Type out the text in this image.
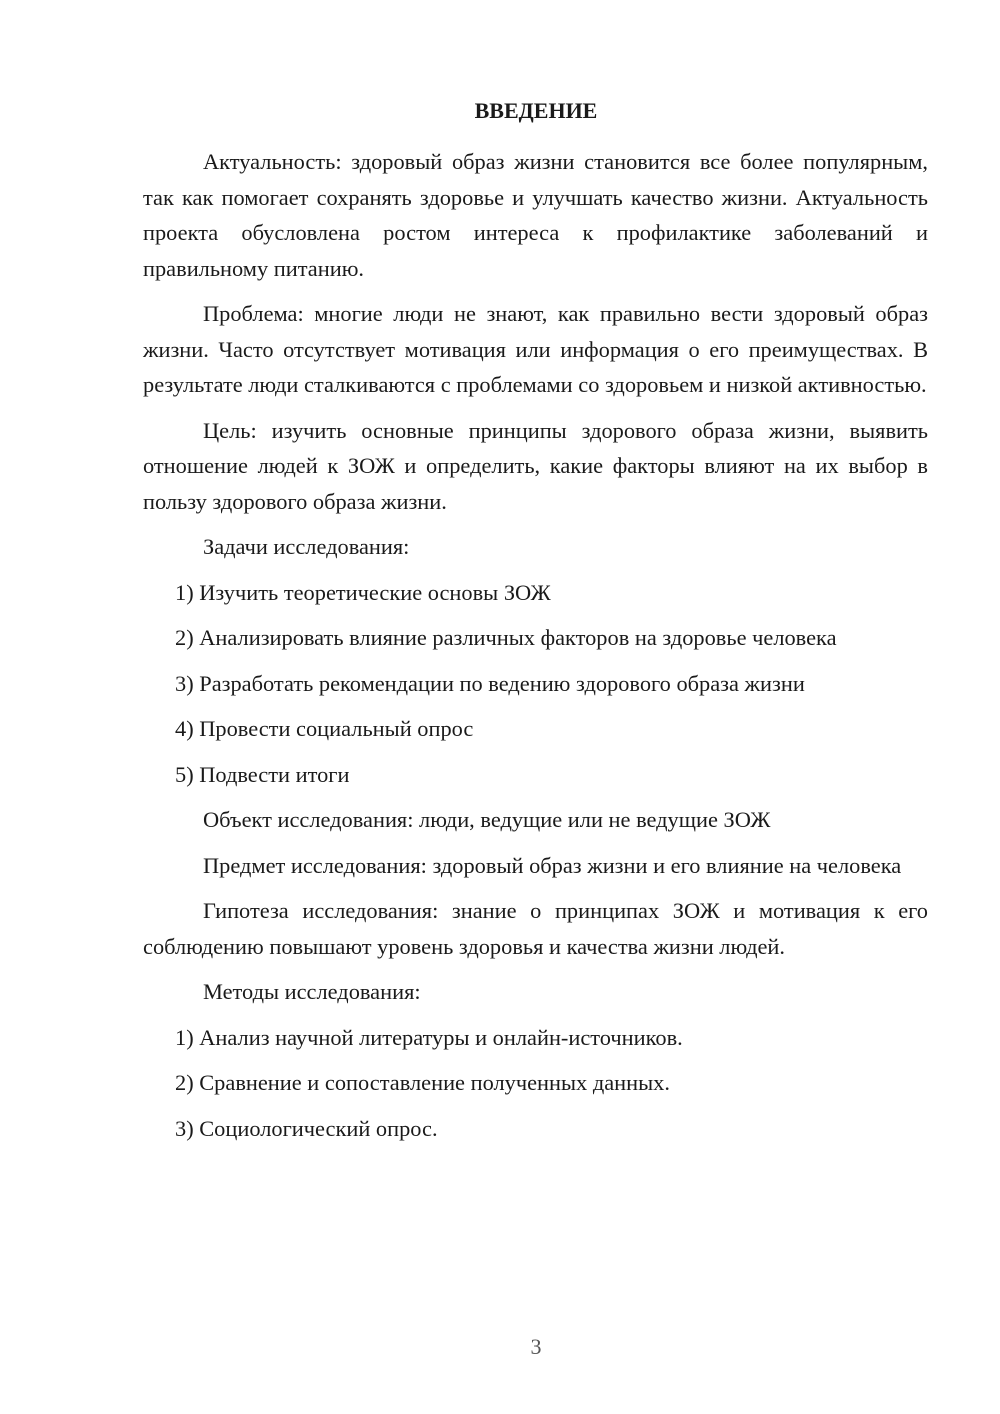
ВВЕДЕНИЕ

Актуальность: здоровый образ жизни становится все более популярным, так как помогает сохранять здоровье и улучшать качество жизни. Актуальность проекта обусловлена ростом интереса к профилактике заболеваний и правильному питанию.

Проблема: многие люди не знают, как правильно вести здоровый образ жизни. Часто отсутствует мотивация или информация о его преимуществах. В результате люди сталкиваются с проблемами со здоровьем и низкой активностью.

Цель: изучить основные принципы здорового образа жизни, выявить отношение людей к ЗОЖ и определить, какие факторы влияют на их выбор в пользу здорового образа жизни.

Задачи исследования:

1) Изучить теоретические основы ЗОЖ

2) Анализировать влияние различных факторов на здоровье человека

3) Разработать рекомендации по ведению здорового образа жизни

4) Провести социальный опрос

5) Подвести итоги

Объект исследования: люди, ведущие или не ведущие ЗОЖ

Предмет исследования: здоровый образ жизни и его влияние на человека

Гипотеза исследования: знание о принципах ЗОЖ и мотивация к его соблюдению повышают уровень здоровья и качества жизни людей.

Методы исследования:

1) Анализ научной литературы и онлайн-источников.

2) Сравнение и сопоставление полученных данных.

3) Социологический опрос.

3
